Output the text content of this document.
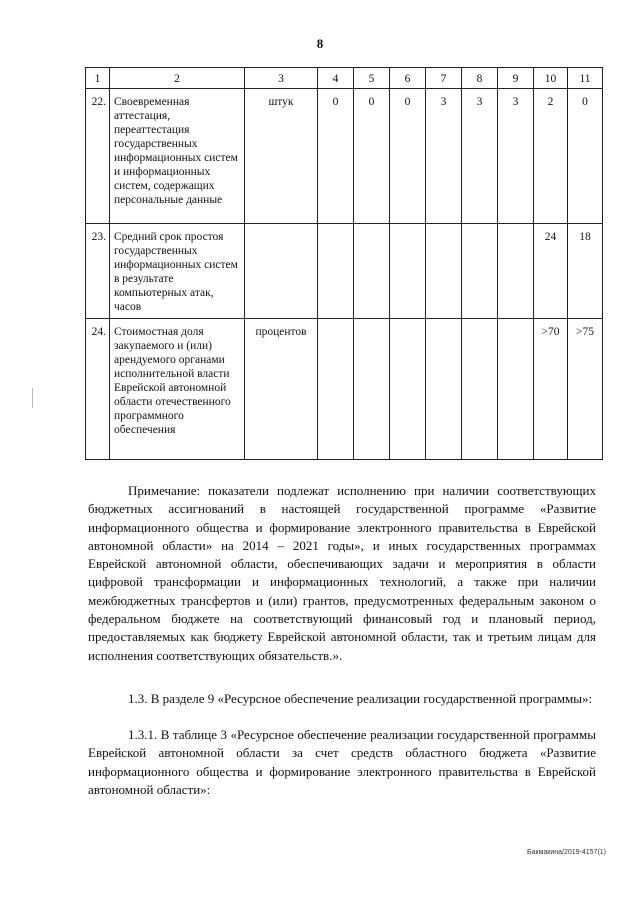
8
1	2	3	4	5	6	7	8	9	10	11
22.	Своевременная аттестация, переаттестация государственных информационных систем и информационных систем, содержащих персональные данные	штук	0	0	0	3	3	3	2	0
23.	Средний срок простоя государственных информационных систем в результате компьютерных атак, часов								24	18
24.	Стоимостная доля закупаемого и (или) арендуемого органами исполнительной власти Еврейской автономной области отечественного программного обеспечения	процентов							>70	>75
Примечание: показатели подлежат исполнению при наличии соответствующих бюджетных ассигнований в настоящей государственной программе «Развитие информационного общества и формирование электронного правительства в Еврейской автономной области» на 2014 – 2021 годы», и иных государственных программах Еврейской автономной области, обеспечивающих задачи и мероприятия в области цифровой трансформации и информационных технологий, а также при наличии межбюджетных трансфертов и (или) грантов, предусмотренных федеральным законом о федеральном бюджете на соответствующий финансовый год и плановый период, предоставляемых как бюджету Еврейской автономной области, так и третьим лицам для исполнения соответствующих обязательств.».
1.3. В разделе 9 «Ресурсное обеспечение реализации государственной программы»:
1.3.1. В таблице 3 «Ресурсное обеспечение реализации государственной программы Еврейской автономной области за счет средств областного бюджета «Развитие информационного общества и формирование электронного правительства в Еврейской автономной области»:
Бакмакина/2019-4157(1)
